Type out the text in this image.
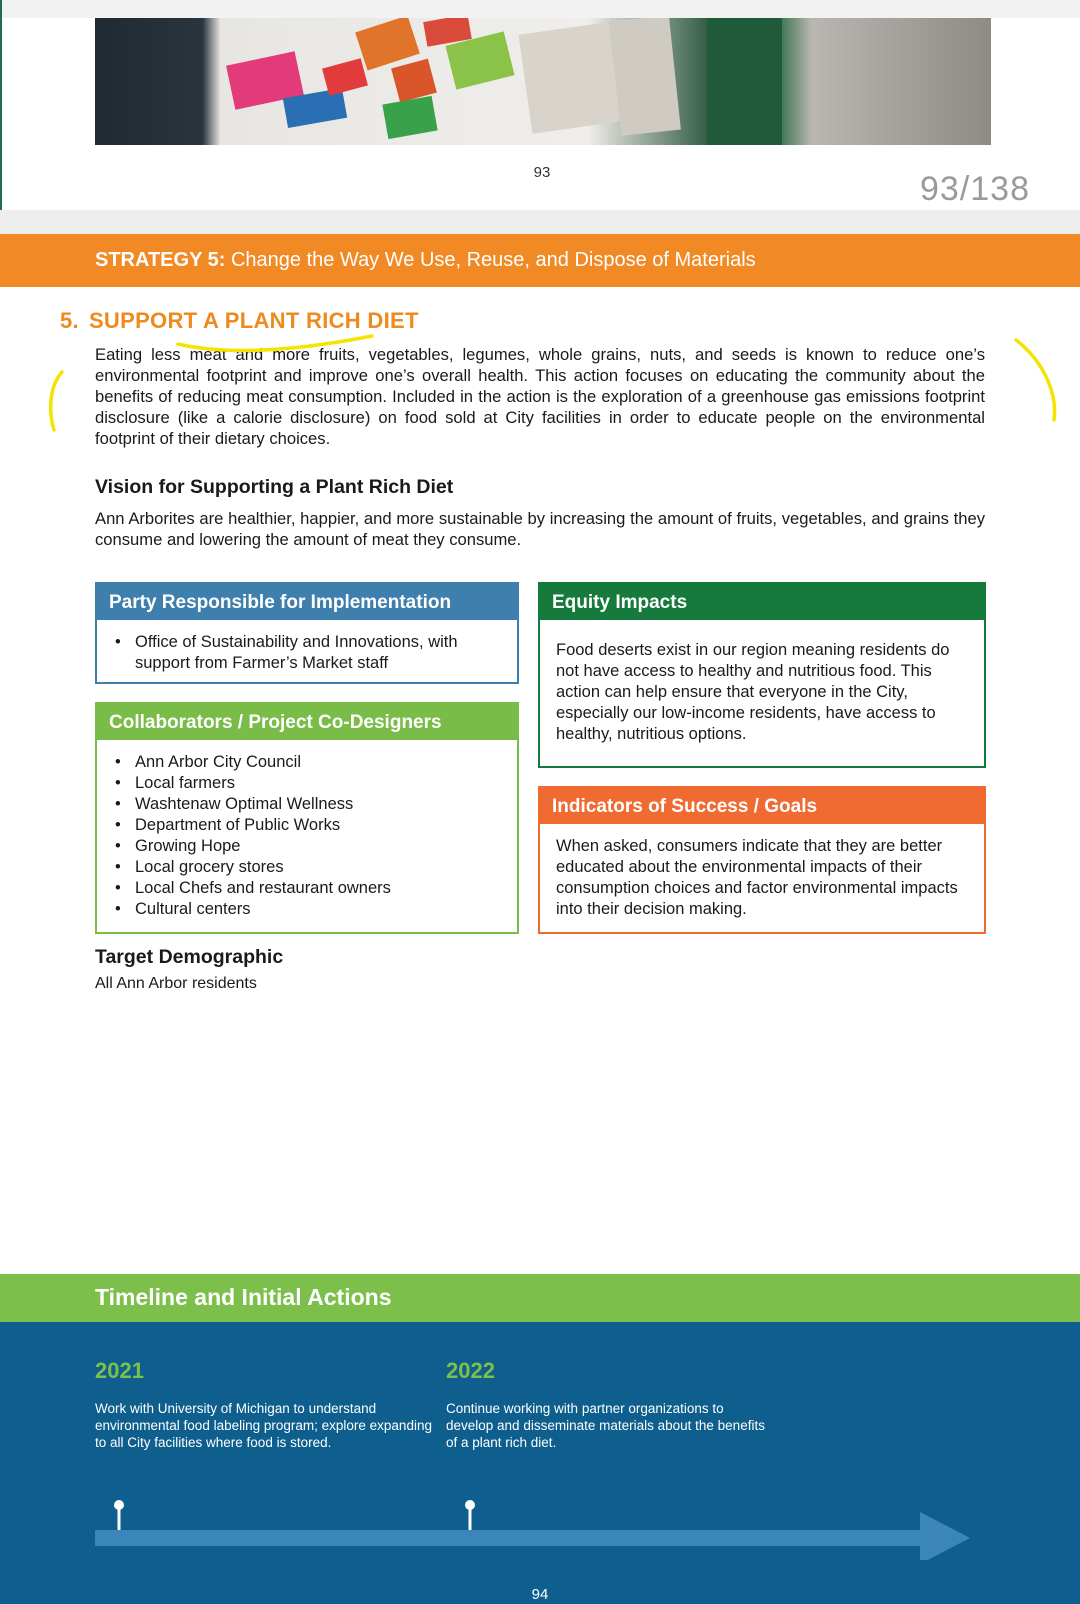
93	93/138
STRATEGY 5: Change the Way We Use, Reuse, and Dispose of Materials
5. SUPPORT A PLANT RICH DIET

Eating less meat and more fruits, vegetables, legumes, whole grains, nuts, and seeds is known to reduce one’s environmental footprint and improve one’s overall health. This action focuses on educating the community about the benefits of reducing meat consumption. Included in the action is the exploration of a greenhouse gas emissions footprint disclosure (like a calorie disclosure) on food sold at City facilities in order to educate people on the environmental footprint of their dietary choices.

Vision for Supporting a Plant Rich Diet

Ann Arborites are healthier, happier, and more sustainable by increasing the amount of fruits, vegetables, and grains they consume and lowering the amount of meat they consume.

Party Responsible for Implementation
• Office of Sustainability and Innovations, with support from Farmer’s Market staff
Collaborators / Project Co-Designers
• Ann Arbor City Council
• Local farmers
• Washtenaw Optimal Wellness
• Department of Public Works
• Growing Hope
• Local grocery stores
• Local Chefs and restaurant owners
• Cultural centers
Equity Impacts
Food deserts exist in our region meaning residents do not have access to healthy and nutritious food. This action can help ensure that everyone in the City, especially our low-income residents, have access to healthy, nutritious options.
Indicators of Success / Goals
When asked, consumers indicate that they are better educated about the environmental impacts of their consumption choices and factor environmental impacts into their decision making.
Target Demographic
All Ann Arbor residents
Timeline and Initial Actions
2021
Work with University of Michigan to understand environmental food labeling program; explore expanding to all City facilities where food is stored.
2022
Continue working with partner organizations to develop and disseminate materials about the benefits of a plant rich diet.
94
